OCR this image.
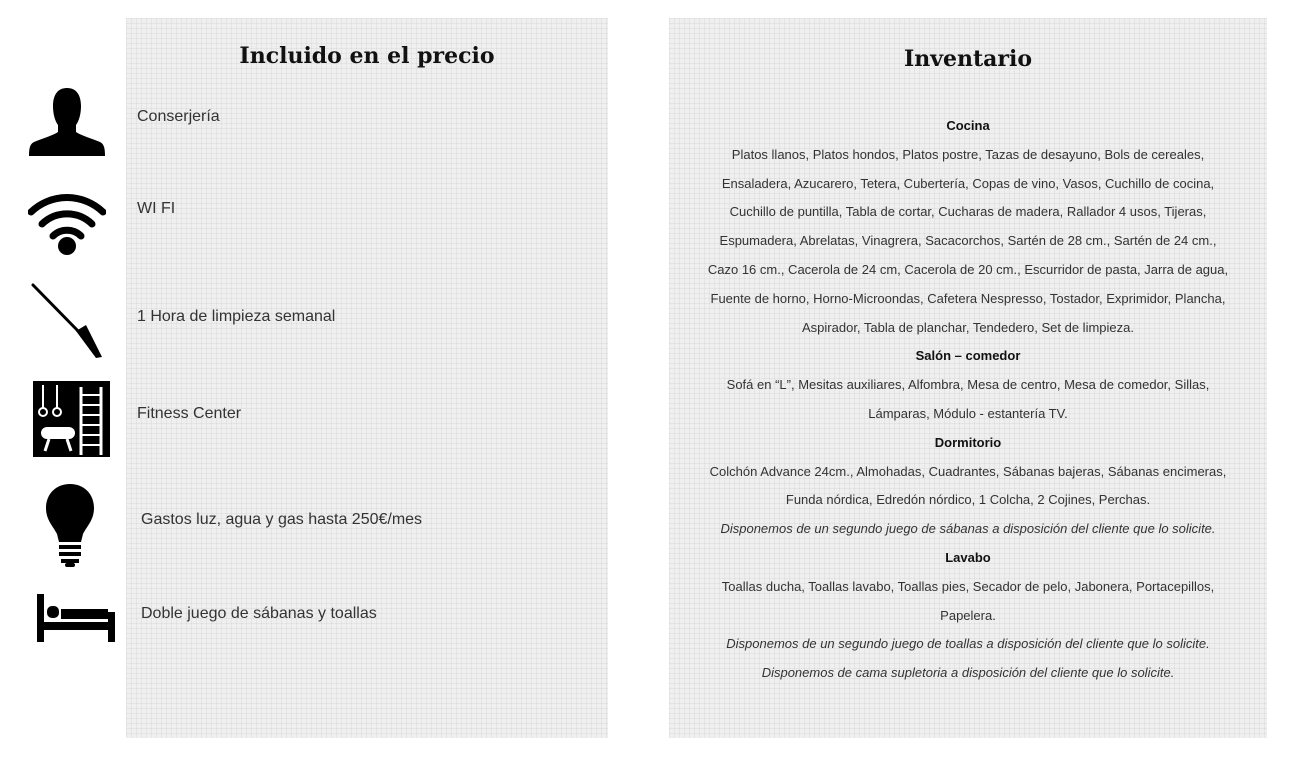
Incluido en el precio
Conserjería
WI FI
1 Hora de limpieza semanal
Fitness Center
Gastos luz, agua y gas hasta 250€/mes
Doble juego de sábanas y toallas
Inventario
Cocina
Platos llanos, Platos hondos, Platos postre, Tazas de desayuno, Bols de cereales,
Ensaladera, Azucarero, Tetera, Cubertería, Copas de vino, Vasos, Cuchillo de cocina,
Cuchillo de puntilla, Tabla de cortar, Cucharas de madera, Rallador 4 usos, Tijeras,
Espumadera, Abrelatas, Vinagrera, Sacacorchos, Sartén de 28 cm., Sartén de 24 cm.,
Cazo 16 cm., Cacerola de 24 cm, Cacerola de 20 cm., Escurridor de pasta, Jarra de agua,
Fuente de horno, Horno-Microondas, Cafetera Nespresso, Tostador, Exprimidor, Plancha,
Aspirador, Tabla de planchar, Tendedero, Set de limpieza.
Salón – comedor
Sofá en “L”, Mesitas auxiliares, Alfombra, Mesa de centro, Mesa de comedor, Sillas,
Lámparas, Módulo - estantería TV.
Dormitorio
Colchón Advance 24cm., Almohadas, Cuadrantes, Sábanas bajeras, Sábanas encimeras,
Funda nórdica, Edredón nórdico, 1 Colcha, 2 Cojines, Perchas.
Disponemos de un segundo juego de sábanas a disposición del cliente que lo solicite.
Lavabo
Toallas ducha, Toallas lavabo, Toallas pies, Secador de pelo, Jabonera, Portacepillos,
Papelera.
Disponemos de un segundo juego de toallas a disposición del cliente que lo solicite.
Disponemos de cama supletoria a disposición del cliente que lo solicite.
